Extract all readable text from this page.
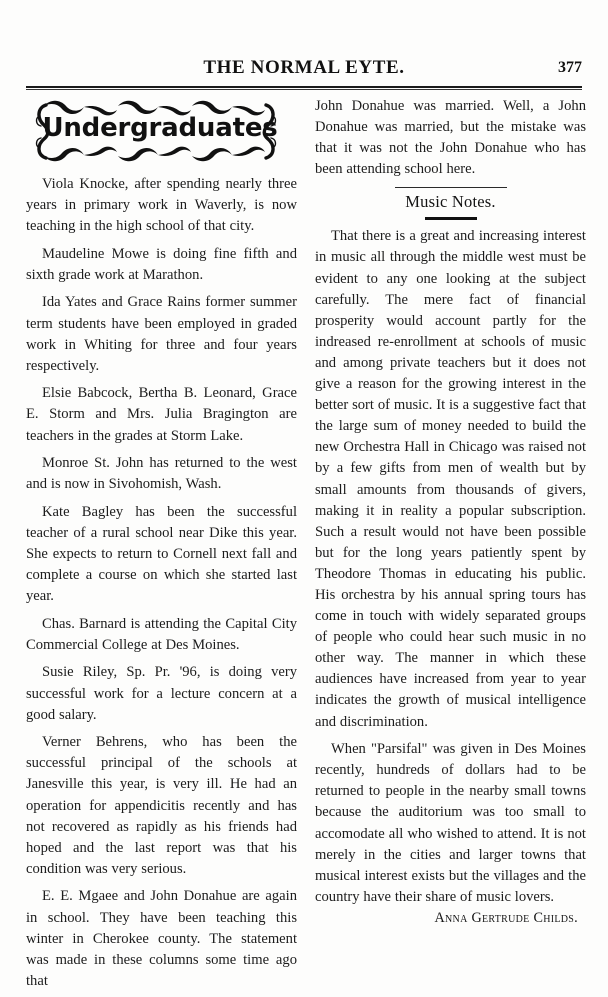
THE NORMAL EYTE.	377
Undergraduates

Viola Knocke, after spending nearly three years in primary work in Waverly, is now teaching in the high school of that city.

Maudeline Mowe is doing fine fifth and sixth grade work at Marathon.

Ida Yates and Grace Rains former summer term students have been employed in graded work in Whiting for three and four years respectively.

Elsie Babcock, Bertha B. Leonard, Grace E. Storm and Mrs. Julia Bragington are teachers in the grades at Storm Lake.

Monroe St. John has returned to the west and is now in Sivohomish, Wash.

Kate Bagley has been the successful teacher of a rural school near Dike this year. She expects to return to Cornell next fall and complete a course on which she started last year.

Chas. Barnard is attending the Capital City Commercial College at Des Moines.

Susie Riley, Sp. Pr. '96, is doing very successful work for a lecture concern at a good salary.

Verner Behrens, who has been the successful principal of the schools at Janesville this year, is very ill. He had an operation for appendicitis recently and has not recovered as rapidly as his friends had hoped and the last report was that his condition was very serious.

E. E. Mgaee and John Donahue are again in school. They have been teaching this winter in Cherokee county. The statement was made in these columns some time ago that

John Donahue was married. Well, a John Donahue was married, but the mistake was that it was not the John Donahue who has been attending school here.

Music Notes.

That there is a great and increasing interest in music all through the middle west must be evident to any one looking at the subject carefully. The mere fact of financial prosperity would account partly for the indreased re-enrollment at schools of music and among private teachers but it does not give a reason for the growing interest in the better sort of music. It is a suggestive fact that the large sum of money needed to build the new Orchestra Hall in Chicago was raised not by a few gifts from men of wealth but by small amounts from thousands of givers, making it in reality a popular subscription. Such a result would not have been possible but for the long years patiently spent by Theodore Thomas in educating his public. His orchestra by his annual spring tours has come in touch with widely separated groups of people who could hear such music in no other way. The manner in which these audiences have increased from year to year indicates the growth of musical intelligence and discrimination.

When "Parsifal" was given in Des Moines recently, hundreds of dollars had to be returned to people in the nearby small towns because the auditorium was too small to accomodate all who wished to attend. It is not merely in the cities and larger towns that musical interest exists but the villages and the country have their share of music lovers.

Anna Gertrude Childs.
